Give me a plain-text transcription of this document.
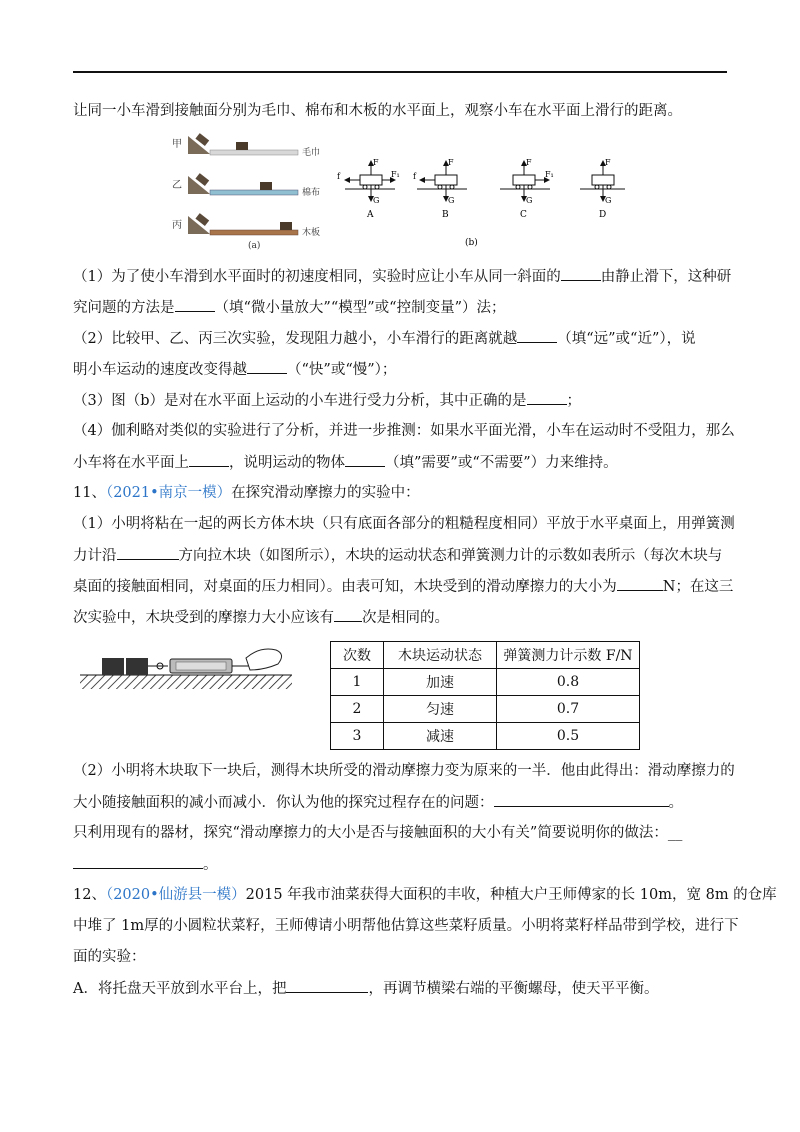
让同一小车滑到接触面分别为毛巾、棉布和木板的水平面上，观察小车在水平面上滑行的距离。
甲
乙
丙
毛巾
棉布
木板
(a)
F
G
f	F₁
A
F
G
f
B
F
G
F₁
C
F
G
D
(b)
（1）为了使小车滑到水平面时的初速度相同，实验时应让小车从同一斜面的	由静止滑下，这种研
究问题的方法是	（填“微小量放大”“模型”或“控制变量”）法；
（2）比较甲、乙、丙三次实验，发现阻力越小，小车滑行的距离就越	（填“远”或“近”），说
明小车运动的速度改变得越	（“快”或“慢”）；
（3）图（b）是对在水平面上运动的小车进行受力分析，其中正确的是	；
（4）伽利略对类似的实验进行了分析，并进一步推测：如果水平面光滑，小车在运动时不受阻力，那么
小车将在水平面上	，说明运动的物体	（填”需要”或“不需要”）力来维持。
11、（2021•南京一模）在探究滑动摩擦力的实验中：
（1）小明将粘在一起的两长方体木块（只有底面各部分的粗糙程度相同）平放于水平桌面上，用弹簧测
力计沿	方向拉木块（如图所示），木块的运动状态和弹簧测力计的示数如表所示（每次木块与
桌面的接触面相同，对桌面的压力相同）。由表可知，木块受到的滑动摩擦力的大小为	N；在这三
次实验中，木块受到的摩擦力大小应该有 次是相同的。
次数	木块运动状态	弹簧测力计示数 F/N
1	加速	0.8
2	匀速	0.7
3	减速	0.5
（2）小明将木块取下一块后，测得木块所受的滑动摩擦力变为原来的一半．他由此得出：滑动摩擦力的
大小随接触面积的减小而减小．你认为他的探究过程存在的问题：	。
只利用现有的器材，探究“滑动摩擦力的大小是否与接触面积的大小有关”简要说明你的做法：__
。
12、（2020•仙游县一模）2015 年我市油菜获得大面积的丰收，种植大户王师傅家的长 10m，宽 8m 的仓库
中堆了 1m厚的小圆粒状菜籽，王师傅请小明帮他估算这些菜籽质量。小明将菜籽样品带到学校，进行下
面的实验：
A．将托盘天平放到水平台上，把	，再调节横梁右端的平衡螺母，使天平平衡。
